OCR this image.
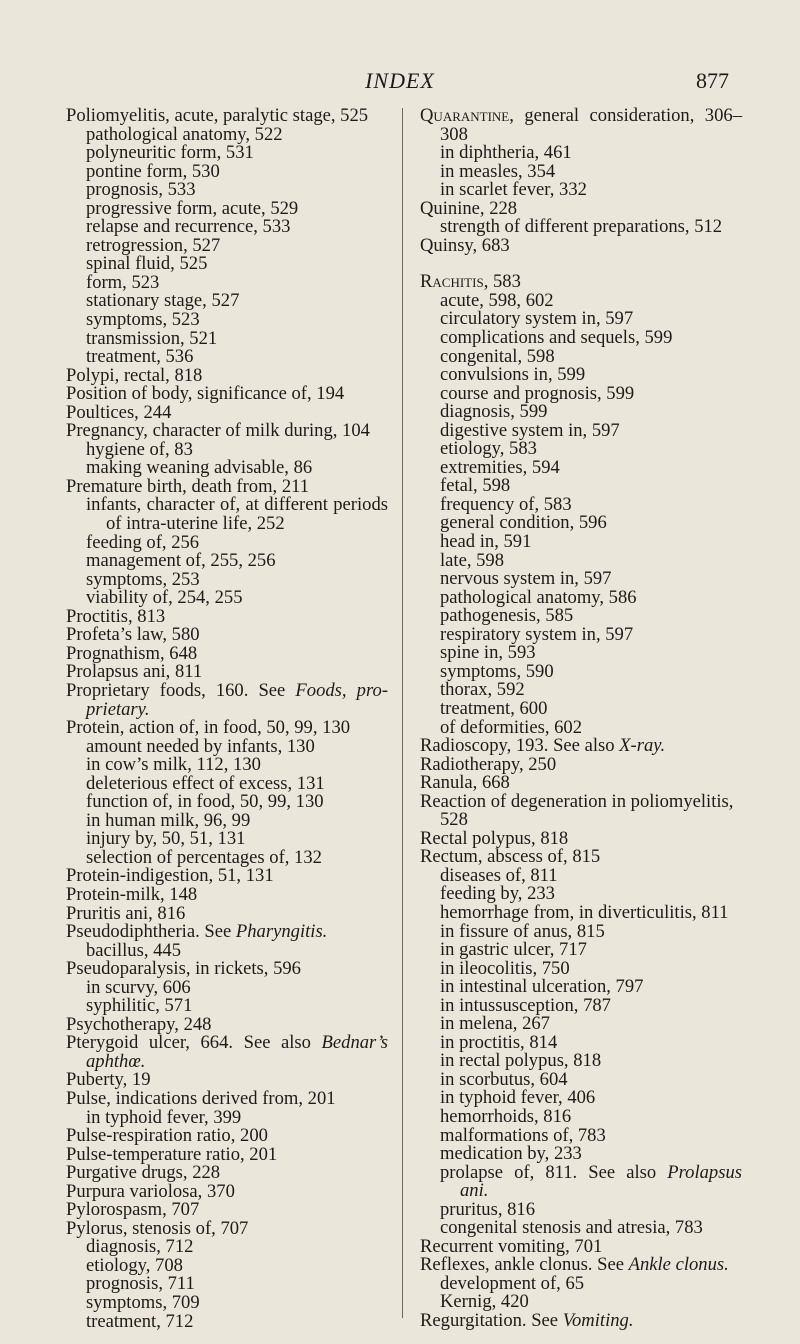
INDEX	877
Poliomyelitis, acute, paralytic stage, 525
pathological anatomy, 522
polyneuritic form, 531
pontine form, 530
prognosis, 533
progressive form, acute, 529
relapse and recurrence, 533
retrogression, 527
spinal fluid, 525
form, 523
stationary stage, 527
symptoms, 523
transmission, 521
treatment, 536
Polypi, rectal, 818
Position of body, significance of, 194
Poultices, 244
Pregnancy, character of milk during, 104
hygiene of, 83
making weaning advisable, 86
Premature birth, death from, 211
infants, character of, at different periods of intra-uterine life, 252
feeding of, 256
management of, 255, 256
symptoms, 253
viability of, 254, 255
Proctitis, 813
Profeta’s law, 580
Prognathism, 648
Prolapsus ani, 811
Proprietary foods, 160. See Foods, proprietary.
Protein, action of, in food, 50, 99, 130
amount needed by infants, 130
in cow’s milk, 112, 130
deleterious effect of excess, 131
function of, in food, 50, 99, 130
in human milk, 96, 99
injury by, 50, 51, 131
selection of percentages of, 132
Protein-indigestion, 51, 131
Protein-milk, 148
Pruritis ani, 816
Pseudodiphtheria. See Pharyngitis.
bacillus, 445
Pseudoparalysis, in rickets, 596
in scurvy, 606
syphilitic, 571
Psychotherapy, 248
Pterygoid ulcer, 664. See also Bednar’s aphthœ.
Puberty, 19
Pulse, indications derived from, 201
in typhoid fever, 399
Pulse-respiration ratio, 200
Pulse-temperature ratio, 201
Purgative drugs, 228
Purpura variolosa, 370
Pylorospasm, 707
Pylorus, stenosis of, 707
diagnosis, 712
etiology, 708
prognosis, 711
symptoms, 709
treatment, 712
Quarantine, general consideration, 306–308
in diphtheria, 461
in measles, 354
in scarlet fever, 332
Quinine, 228
strength of different preparations, 512
Quinsy, 683
Rachitis, 583
acute, 598, 602
circulatory system in, 597
complications and sequels, 599
congenital, 598
convulsions in, 599
course and prognosis, 599
diagnosis, 599
digestive system in, 597
etiology, 583
extremities, 594
fetal, 598
frequency of, 583
general condition, 596
head in, 591
late, 598
nervous system in, 597
pathological anatomy, 586
pathogenesis, 585
respiratory system in, 597
spine in, 593
symptoms, 590
thorax, 592
treatment, 600
of deformities, 602
Radioscopy, 193. See also X-ray.
Radiotherapy, 250
Ranula, 668
Reaction of degeneration in poliomyelitis, 528
Rectal polypus, 818
Rectum, abscess of, 815
diseases of, 811
feeding by, 233
hemorrhage from, in diverticulitis, 811
in fissure of anus, 815
in gastric ulcer, 717
in ileocolitis, 750
in intestinal ulceration, 797
in intussusception, 787
in melena, 267
in proctitis, 814
in rectal polypus, 818
in scorbutus, 604
in typhoid fever, 406
hemorrhoids, 816
malformations of, 783
medication by, 233
prolapse of, 811. See also Prolapsus ani.
pruritus, 816
congenital stenosis and atresia, 783
Recurrent vomiting, 701
Reflexes, ankle clonus. See Ankle clonus.
development of, 65
Kernig, 420
Regurgitation. See Vomiting.
